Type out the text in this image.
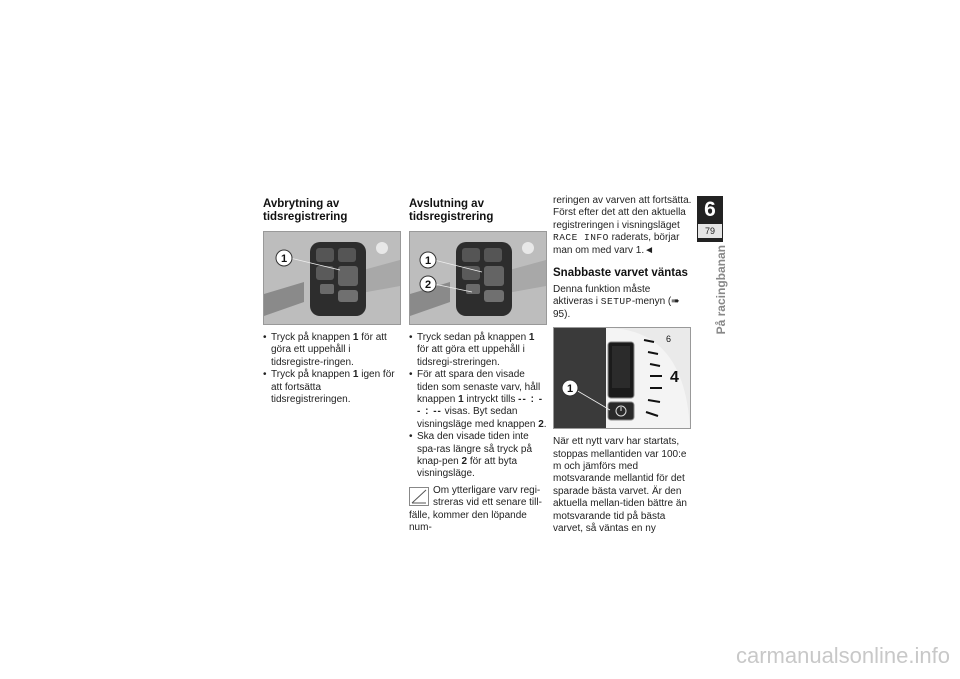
Avbrytning av tidsregistrering
1
• Tryck på knappen 1 för att göra ett uppehåll i tidsregistre-ringen.
• Tryck på knappen 1 igen för att fortsätta tidsregistreringen.
Avslutning av tidsregistrering
1
2
• Tryck sedan på knappen 1 för att göra ett uppehåll i tidsregi-streringen.
• För att spara den visade tiden som senaste varv, håll knappen 1 intryckt tills -- : -- : -- visas. Byt sedan visningsläge med knappen 2.
• Ska den visade tiden inte spa-ras längre så tryck på knap-pen 2 för att byta visningsläge.
Om ytterligare varv regi-streras vid ett senare till-fälle, kommer den löpande num-
reringen av varven att fortsätta. Först efter det att den aktuella registreringen i visningsläget RACE INFO raderats, börjar man om med varv 1.◄
Snabbaste varvet väntas
Denna funktion måste aktiveras i SETUP-menyn (➠ 95).
6
4
1
När ett nytt varv har startats, stoppas mellantiden var 100:e m och jämförs med motsvarande mellantid för det sparade bästa varvet. Är den aktuella mellan-tiden bättre än motsvarande tid på bästa varvet, så väntas en ny
6
79
På racingbanan
carmanualsonline.info
